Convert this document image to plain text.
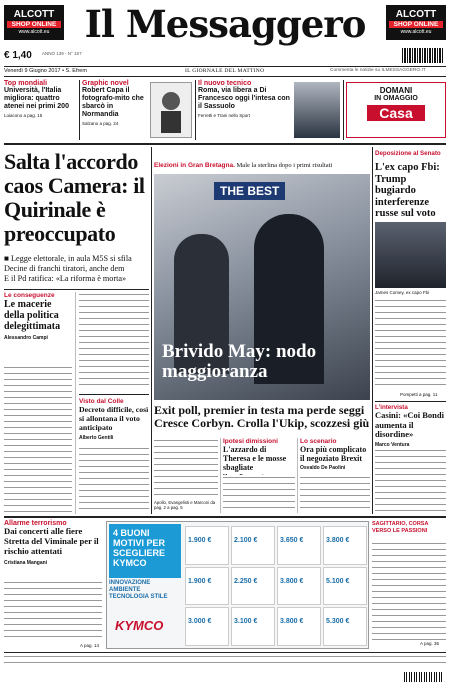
ALCOTT
SHOP ONLINE
www.alcott.eu Il Messaggero	ALCOTT
SHOP ONLINE
www.alcott.eu
€ 1,40 ANNO 139 - N° 157
Venerdì 9 Giugno 2017 • S. Efrem	IL GIORNALE DEL MATTINO	Commenta le notizie su ILMESSAGGERO.IT
Top mondiali
Università, l'Italia migliora: quattro atenei nei primi 200
Loiacono a pag. 15
Graphic novel
Robert Capa il fotografo-mito che sbarcò in Normandia
Salzano a pag. 24
Il nuovo tecnico
Roma, via libera a Di Francesco oggi l'intesa con il Sassuolo
Ferretti e Trani nello Sport
DOMANI
IN OMAGGIO
Casa
Salta l'accordo caos Camera: il Quirinale è preoccupato
■ Legge elettorale, in aula M5S si sfila
Decine di franchi tiratori, anche dem
E il Pd ratifica: «La riforma è morta»
Le conseguenze
Le macerie della politica delegittimata
Alessandro Campi
Visto dal Colle
Decreto difficile, così si allontana il voto anticipato
Alberto Gentili
Elezioni in Gran Bretagna. Male la sterlina dopo i primi risultati
THE BEST
Brivido May: nodo maggioranza
Exit poll, premier in testa ma perde seggi Cresce Corbyn. Crolla l'Ukip, scozzesi giù
Apollo, Evangelisti e Marconi da pag. 2 a pag. 5
Ipotesi dimissioni
L'azzardo di Theresa e le mosse sbagliate
Lo scenario
Ora più complicato il negoziato Brexit
Osvaldo De Paolini
Deposizione al Senato
L'ex capo Fbi: Trump bugiardo interferenze russe sul voto
James Comey, ex capo Fbi
Pompetti a pag. 11
L'intervista
Casini: «Coi Bondi aumenta il disordine»
Marco Ventura
Allarme terrorismo
Dai concerti alle fiere Stretta del Viminale per il rischio attentati
Cristiana Mangani
A pag. 14
4 BUONI MOTIVI PER SCEGLIERE KYMCO
INNOVAZIONE AMBIENTE TECNOLOGIA STILE
KYMCO
1.900 €	2.100 €	3.650 €	3.800 €
1.900 €	2.250 €	3.800 €	5.100 €
3.000 €	3.100 €	3.800 €	5.300 €
SAGITTARIO, CORSA VERSO LE PASSIONI
A pag. 36
